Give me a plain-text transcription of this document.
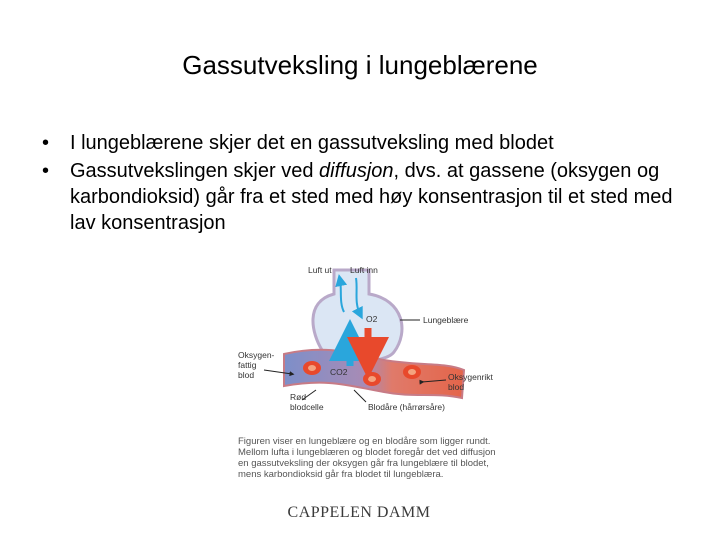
Gassutveksling i lungeblærene
• I lungeblærene skjer det en gassutveksling med blodet
• Gassutvekslingen skjer ved diffusjon, dvs. at gassene (oksygen og karbondioksid) går fra et sted med høy konsentrasjon til et sted med lav konsentrasjon
Luft ut Luft inn
Lungeblære
O2
CO2
Oksygen-
fattig
blod	Oksygenrikt
blod
Rød
blodcelle	Blodåre (hårrørsåre)
Figuren viser en lungeblære og en blodåre som ligger rundt.
Mellom lufta i lungeblæren og blodet foregår det ved diffusjon
en gassutveksling der oksygen går fra lungeblære til blodet,
mens karbondioksid går fra blodet til lungeblæra.
CAPPELEN DAMM
